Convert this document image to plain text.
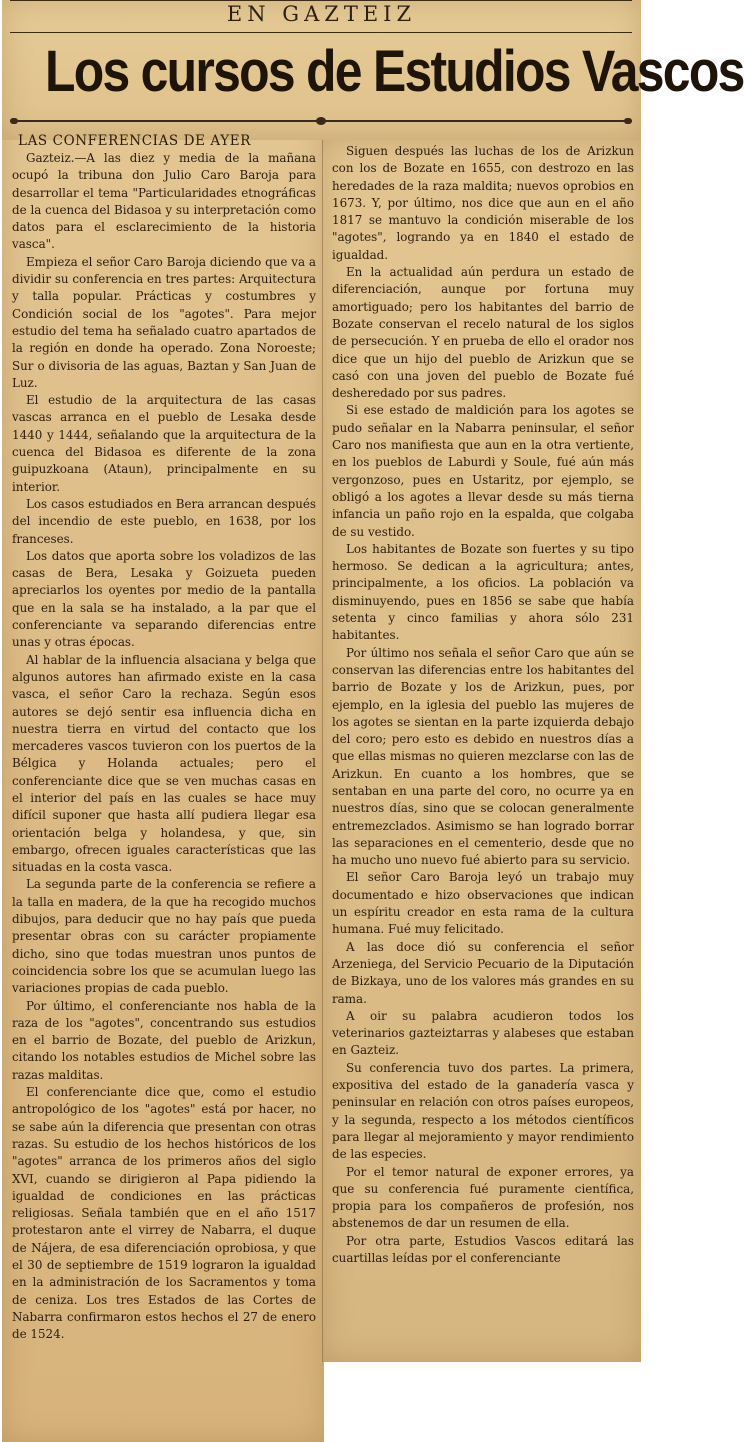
EN GAZTEIZ
Los cursos de Estudios Vascos
LAS CONFERENCIAS DE AYER

Gazteiz.—A las diez y media de la mañana ocupó la tribuna don Julio Caro Baroja para desarrollar el tema "Particularidades etnográficas de la cuenca del Bidasoa y su interpretación como datos para el esclarecimiento de la historia vasca".

Empieza el señor Caro Baroja diciendo que va a dividir su conferencia en tres partes: Arquitectura y talla popular. Prácticas y costumbres y Condición social de los "agotes". Para mejor estudio del tema ha señalado cuatro apartados de la región en donde ha operado. Zona Noroeste; Sur o divisoria de las aguas, Baztan y San Juan de Luz.

El estudio de la arquitectura de las casas vascas arranca en el pueblo de Lesaka desde 1440 y 1444, señalando que la arquitectura de la cuenca del Bidasoa es diferente de la zona guipuzkoana (Ataun), principalmente en su interior.

Los casos estudiados en Bera arrancan después del incendio de este pueblo, en 1638, por los franceses.

Los datos que aporta sobre los voladizos de las casas de Bera, Lesaka y Goizueta pueden apreciarlos los oyentes por medio de la pantalla que en la sala se ha instalado, a la par que el conferenciante va separando diferencias entre unas y otras épocas.

Al hablar de la influencia alsaciana y belga que algunos autores han afirmado existe en la casa vasca, el señor Caro la rechaza. Según esos autores se dejó sentir esa influencia dicha en nuestra tierra en virtud del contacto que los mercaderes vascos tuvieron con los puertos de la Bélgica y Holanda actuales; pero el conferenciante dice que se ven muchas casas en el interior del país en las cuales se hace muy difícil suponer que hasta allí pudiera llegar esa orientación belga y holandesa, y que, sin embargo, ofrecen iguales características que las situadas en la costa vasca.

La segunda parte de la conferencia se refiere a la talla en madera, de la que ha recogido muchos dibujos, para deducir que no hay país que pueda presentar obras con su carácter propiamente dicho, sino que todas muestran unos puntos de coincidencia sobre los que se acumulan luego las variaciones propias de cada pueblo.

Por último, el conferenciante nos habla de la raza de los "agotes", concentrando sus estudios en el barrio de Bozate, del pueblo de Arizkun, citando los notables estudios de Michel sobre las razas malditas.

El conferenciante dice que, como el estudio antropológico de los "agotes" está por hacer, no se sabe aún la diferencia que presentan con otras razas. Su estudio de los hechos históricos de los "agotes" arranca de los primeros años del siglo XVI, cuando se dirigieron al Papa pidiendo la igualdad de condiciones en las prácticas religiosas. Señala también que en el año 1517 protestaron ante el virrey de Nabarra, el duque de Nájera, de esa diferenciación oprobiosa, y que el 30 de septiembre de 1519 lograron la igualdad en la administración de los Sacramentos y toma de ceniza. Los tres Estados de las Cortes de Nabarra confirmaron estos hechos el 27 de enero de 1524.

Siguen después las luchas de los de Arizkun con los de Bozate en 1655, con destrozo en las heredades de la raza maldita; nuevos oprobios en 1673. Y, por último, nos dice que aun en el año 1817 se mantuvo la condición miserable de los "agotes", logrando ya en 1840 el estado de igualdad.

En la actualidad aún perdura un estado de diferenciación, aunque por fortuna muy amortiguado; pero los habitantes del barrio de Bozate conservan el recelo natural de los siglos de persecución. Y en prueba de ello el orador nos dice que un hijo del pueblo de Arizkun que se casó con una joven del pueblo de Bozate fué desheredado por sus padres.

Si ese estado de maldición para los agotes se pudo señalar en la Nabarra peninsular, el señor Caro nos manifiesta que aun en la otra vertiente, en los pueblos de Laburdi y Soule, fué aún más vergonzoso, pues en Ustaritz, por ejemplo, se obligó a los agotes a llevar desde su más tierna infancia un paño rojo en la espalda, que colgaba de su vestido.

Los habitantes de Bozate son fuertes y su tipo hermoso. Se dedican a la agricultura; antes, principalmente, a los oficios. La población va disminuyendo, pues en 1856 se sabe que había setenta y cinco familias y ahora sólo 231 habitantes.

Por último nos señala el señor Caro que aún se conservan las diferencias entre los habitantes del barrio de Bozate y los de Arizkun, pues, por ejemplo, en la iglesia del pueblo las mujeres de los agotes se sientan en la parte izquierda debajo del coro; pero esto es debido en nuestros días a que ellas mismas no quieren mezclarse con las de Arizkun. En cuanto a los hombres, que se sentaban en una parte del coro, no ocurre ya en nuestros días, sino que se colocan generalmente entremezclados. Asimismo se han logrado borrar las separaciones en el cementerio, desde que no ha mucho uno nuevo fué abierto para su servicio.

El señor Caro Baroja leyó un trabajo muy documentado e hizo observaciones que indican un espíritu creador en esta rama de la cultura humana. Fué muy felicitado.

A las doce dió su conferencia el señor Arzeniega, del Servicio Pecuario de la Diputación de Bizkaya, uno de los valores más grandes en su rama.

A oir su palabra acudieron todos los veterinarios gazteiztarras y alabeses que estaban en Gazteiz.

Su conferencia tuvo dos partes. La primera, expositiva del estado de la ganadería vasca y peninsular en relación con otros países europeos, y la segunda, respecto a los métodos científicos para llegar al mejoramiento y mayor rendimiento de las especies.

Por el temor natural de exponer errores, ya que su conferencia fué puramente científica, propia para los compañeros de profesión, nos abstenemos de dar un resumen de ella.

Por otra parte, Estudios Vascos editará las cuartillas leídas por el conferenciante
